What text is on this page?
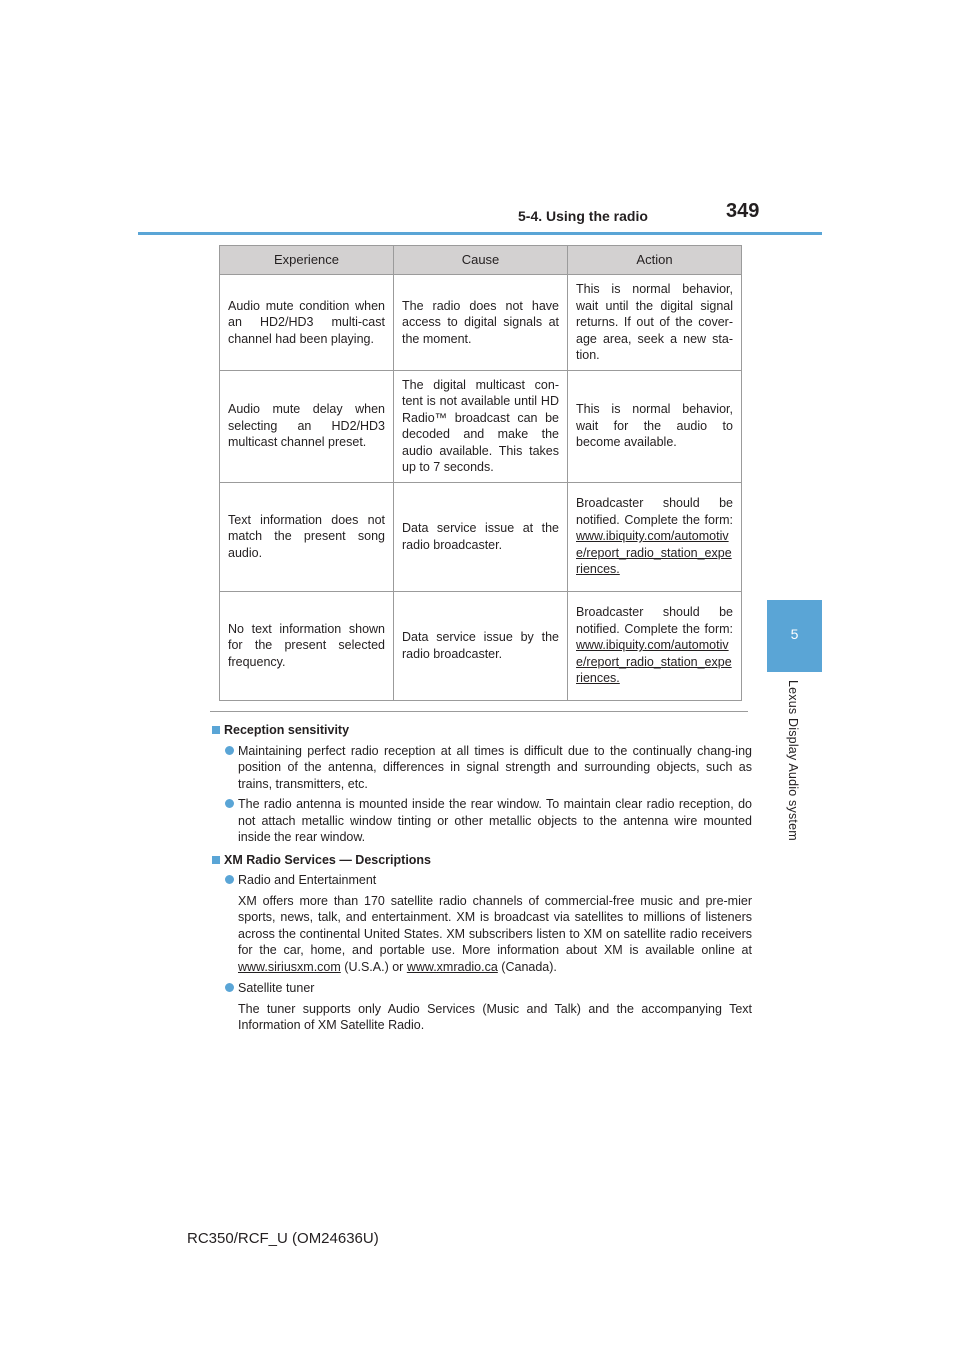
5-4. Using the radio	349
5
Lexus Display Audio system
Experience	Cause	Action
Audio mute condition when an HD2/HD3 multi-cast channel had been playing.	The radio does not have access to digital signals at the moment.	This is normal behavior, wait until the digital signal returns. If out of the cover-age area, seek a new sta-tion.
Audio mute delay when selecting an HD2/HD3 multicast channel preset.	The digital multicast con-tent is not available until HD Radio™ broadcast can be decoded and make the audio available. This takes up to 7 seconds.	This is normal behavior, wait for the audio to become available.
Text information does not match the present song audio.	Data service issue at the radio broadcaster.	Broadcaster should be notified. Complete the form: www.ibiquity.com/automotive/report_radio_station_experiences.
No text information shown for the present selected frequency.	Data service issue by the radio broadcaster.	Broadcaster should be notified. Complete the form: www.ibiquity.com/automotive/report_radio_station_experiences.
Reception sensitivity
Maintaining perfect radio reception at all times is difficult due to the continually chang-ing position of the antenna, differences in signal strength and surrounding objects, such as trains, transmitters, etc.
The radio antenna is mounted inside the rear window. To maintain clear radio reception, do not attach metallic window tinting or other metallic objects to the antenna wire mounted inside the rear window.
XM Radio Services — Descriptions
Radio and Entertainment
XM offers more than 170 satellite radio channels of commercial-free music and pre-mier sports, news, talk, and entertainment. XM is broadcast via satellites to millions of listeners across the continental United States. XM subscribers listen to XM on satellite radio receivers for the car, home, and portable use. More information about XM is available online at www.siriusxm.com (U.S.A.) or www.xmradio.ca (Canada).
Satellite tuner
The tuner supports only Audio Services (Music and Talk) and the accompanying Text Information of XM Satellite Radio.
RC350/RCF_U (OM24636U)
